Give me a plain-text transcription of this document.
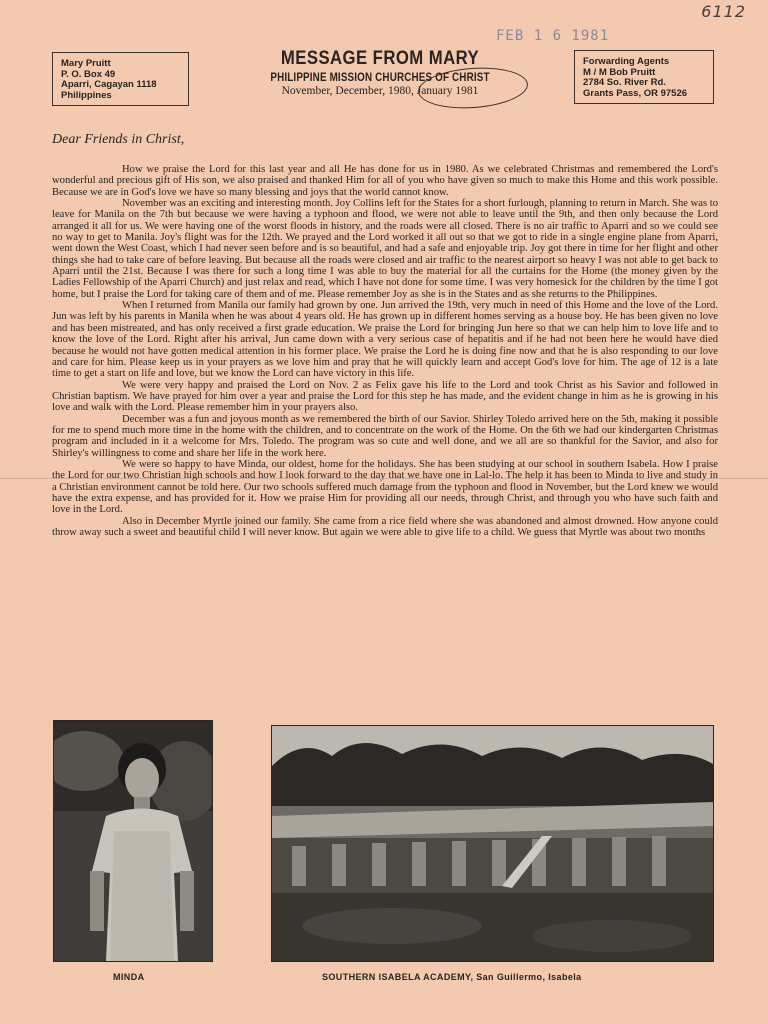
6112
FEB 1 6 1981
Mary Pruitt
P. O. Box 49
Aparri, Cagayan 1118
Philippines
MESSAGE FROM MARY
PHILIPPINE MISSION CHURCHES OF CHRIST
November, December, 1980, January 1981
Forwarding Agents
M / M Bob Pruitt
2784 So. River Rd.
Grants Pass, OR 97526
Dear Friends in Christ,

How we praise the Lord for this last year and all He has done for us in 1980. As we celebrated Christmas and remembered the Lord's wonderful and precious gift of His son, we also praised and thanked Him for all of you who have given so much to make this Home and this work possible. Because we are in God's love we have so many blessing and joys that the world cannot know.

November was an exciting and interesting month. Joy Collins left for the States for a short furlough, planning to return in March. She was to leave for Manila on the 7th but because we were having a typhoon and flood, we were not able to leave until the 9th, and then only because the Lord arranged it all for us. We were having one of the worst floods in history, and the roads were all closed. There is no air traffic to Aparri and so we could see no way to get to Manila. Joy's flight was for the 12th. We prayed and the Lord worked it all out so that we got to ride in a single engine plane from Aparri, went down the West Coast, which I had never seen before and is so beautiful, and had a safe and enjoyable trip. Joy got there in time for her flight and other things she had to take care of before leaving. But because all the roads were closed and air traffic to the nearest airport so heavy I was not able to get back to Aparri until the 21st. Because I was there for such a long time I was able to buy the material for all the curtains for the Home (the money given by the Ladies Fellowship of the Aparri Church) and just relax and read, which I have not done for some time. I was very homesick for the children by the time I got home, but I praise the Lord for taking care of them and of me. Please remember Joy as she is in the States and as she returns to the Philippines.

When I returned from Manila our family had grown by one. Jun arrived the 19th, very much in need of this Home and the love of the Lord. Jun was left by his parents in Manila when he was about 4 years old. He has grown up in different homes serving as a house boy. He has been given no love and has been mistreated, and has only received a first grade education. We praise the Lord for bringing Jun here so that we can help him to love life and to know the love of the Lord. Right after his arrival, Jun came down with a very serious case of hepatitis and if he had not been here he would have died because he would not have gotten medical attention in his former place. We praise the Lord he is doing fine now and that he is also responding to our love and care for him. Please keep us in your prayers as we love him and pray that he will quickly learn and accept God's love for him. The age of 12 is a late time to get a start on life and love, but we know the Lord can have victory in this life.

We were very happy and praised the Lord on Nov. 2 as Felix gave his life to the Lord and took Christ as his Savior and followed in Christian baptism. We have prayed for him over a year and praise the Lord for this step he has made, and the evident change in him as he is growing in his love and walk with the Lord. Please remember him in your prayers also.

December was a fun and joyous month as we remembered the birth of our Savior. Shirley Toledo arrived here on the 5th, making it possible for me to spend much more time in the home with the children, and to concentrate on the work of the Home. On the 6th we had our kindergarten Christmas program and included in it a welcome for Mrs. Toledo. The program was so cute and well done, and we all are so thankful for the Savior, and also for Shirley's willingness to come and share her life in the work here.

We were so happy to have Minda, our oldest, home for the holidays. She has been studying at our school in southern Isabela. How I praise the Lord for our two Christian high schools and how I look forward to the day that we have one in Lal-lo. The help it has been to Minda to live and study in a Christian environment cannot be told here. Our two schools suffered much damage from the typhoon and flood in November, but the Lord knew we would have the extra expense, and has provided for it. How we praise Him for providing all our needs, through Christ, and through you who have such faith and love in the Lord.

Also in December Myrtle joined our family. She came from a rice field where she was abandoned and almost drowned. How anyone could throw away such a sweet and beautiful child I will never know. But again we were able to give life to a child. We guess that Myrtle was about two months

MINDA	SOUTHERN ISABELA ACADEMY, San Guillermo, Isabela
